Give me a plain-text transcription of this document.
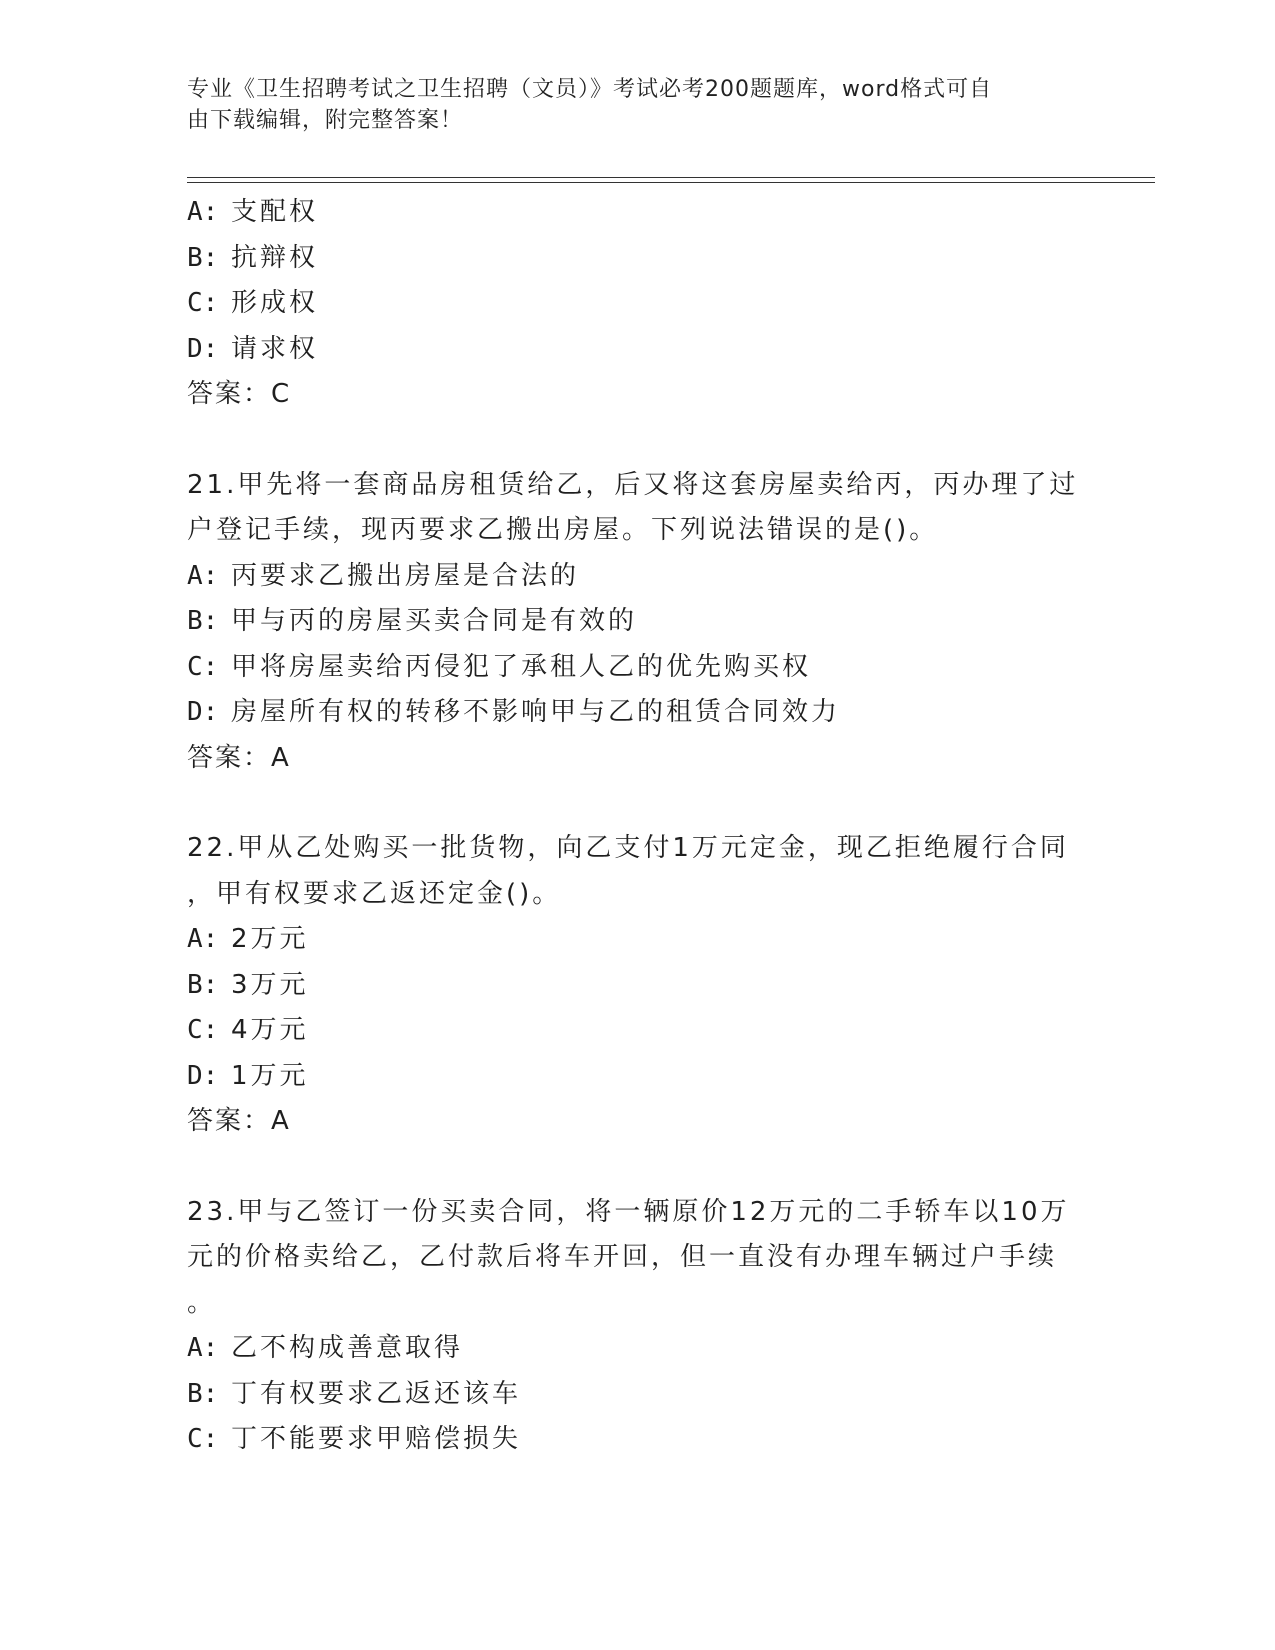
专业《卫生招聘考试之卫生招聘（文员）》考试必考200题题库，word格式可自
由下载编辑，附完整答案！
A: 支配权
B: 抗辩权
C: 形成权
D: 请求权
答案：C
21.甲先将一套商品房租赁给乙，后又将这套房屋卖给丙，丙办理了过
户登记手续，现丙要求乙搬出房屋。下列说法错误的是()。
A: 丙要求乙搬出房屋是合法的
B: 甲与丙的房屋买卖合同是有效的
C: 甲将房屋卖给丙侵犯了承租人乙的优先购买权
D: 房屋所有权的转移不影响甲与乙的租赁合同效力
答案：A
22.甲从乙处购买一批货物，向乙支付1万元定金，现乙拒绝履行合同
，甲有权要求乙返还定金()。
A: 2万元
B: 3万元
C: 4万元
D: 1万元
答案：A
23.甲与乙签订一份买卖合同，将一辆原价12万元的二手轿车以10万
元的价格卖给乙，乙付款后将车开回，但一直没有办理车辆过户手续
。
A: 乙不构成善意取得
B: 丁有权要求乙返还该车
C: 丁不能要求甲赔偿损失
